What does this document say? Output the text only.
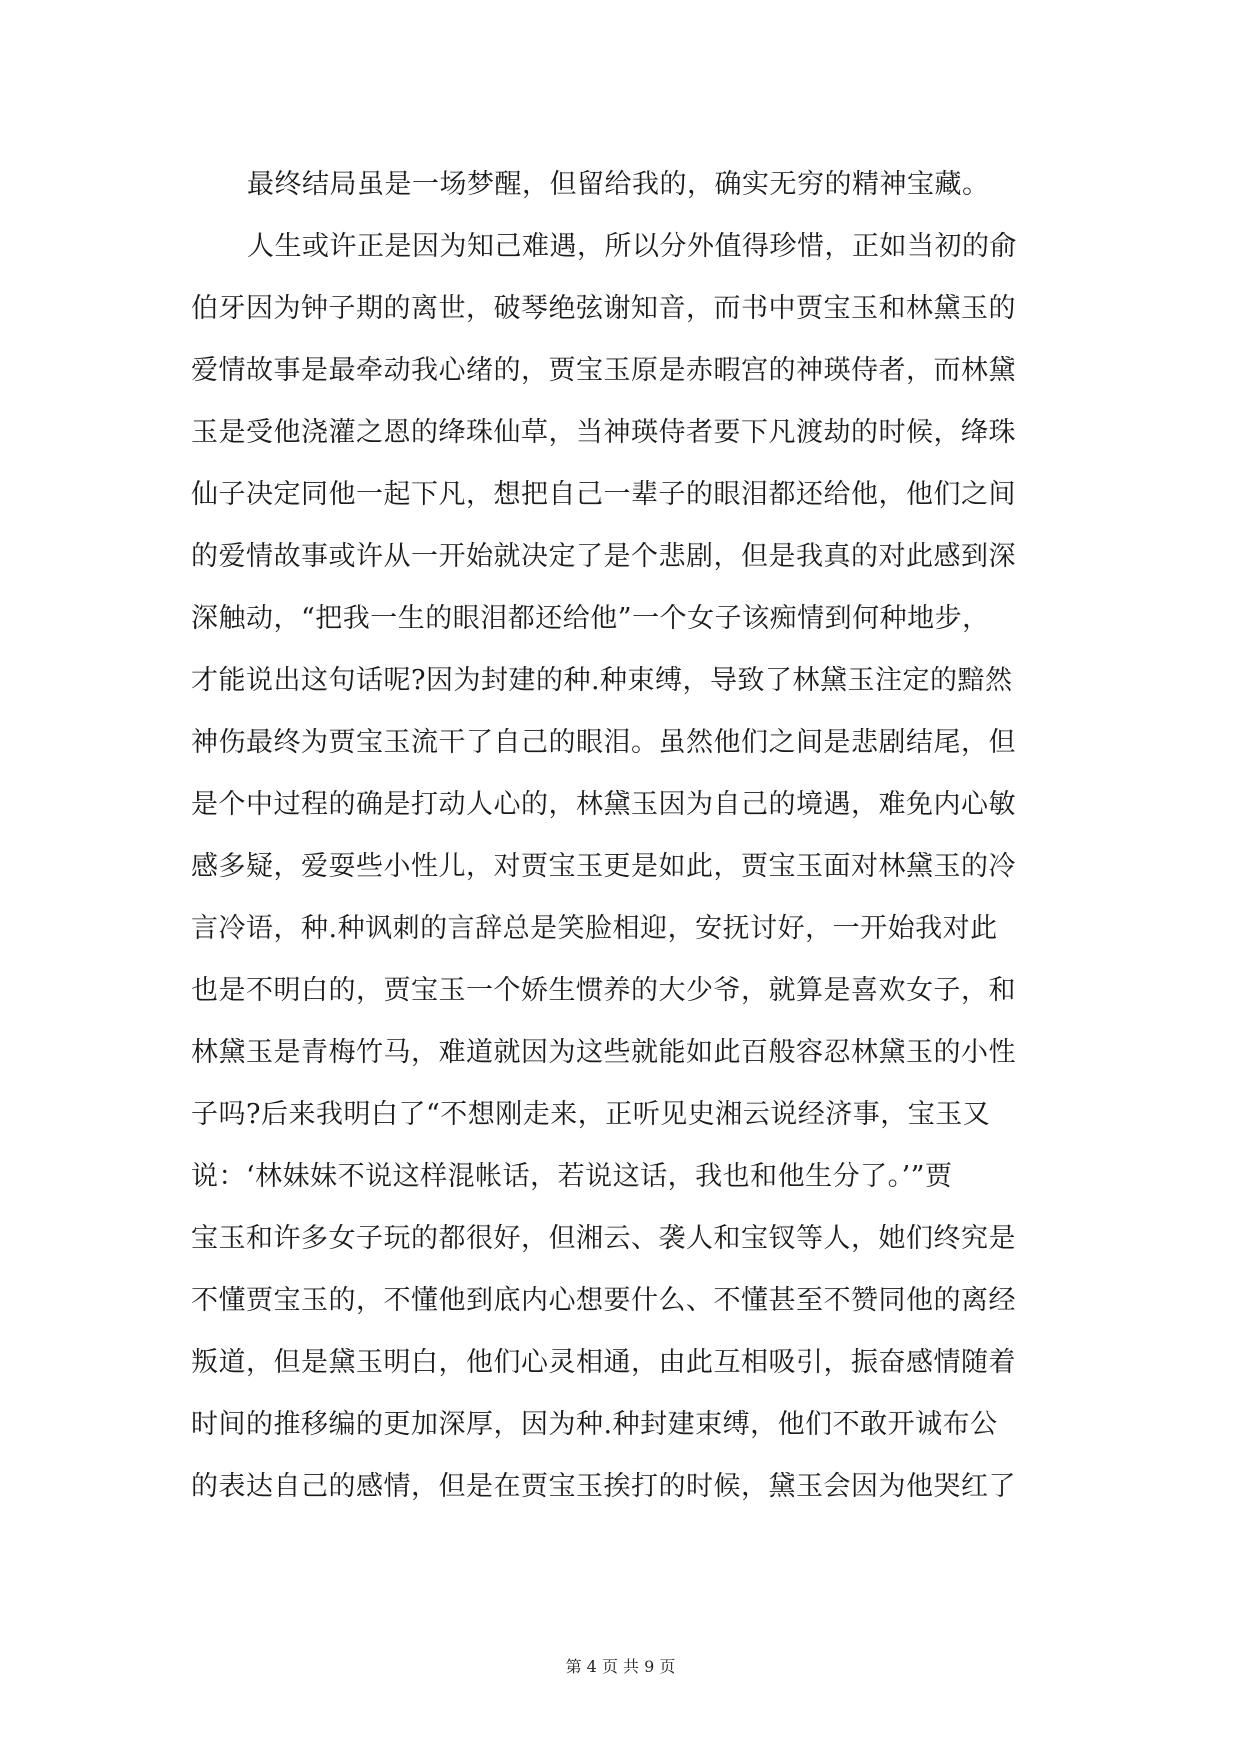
最终结局虽是一场梦醒，但留给我的，确实无穷的精神宝藏。
人生或许正是因为知己难遇，所以分外值得珍惜，正如当初的俞
伯牙因为钟子期的离世，破琴绝弦谢知音，而书中贾宝玉和林黛玉的
爱情故事是最牵动我心绪的，贾宝玉原是赤暇宫的神瑛侍者，而林黛
玉是受他浇灌之恩的绛珠仙草，当神瑛侍者要下凡渡劫的时候，绛珠
仙子决定同他一起下凡，想把自己一辈子的眼泪都还给他，他们之间
的爱情故事或许从一开始就决定了是个悲剧，但是我真的对此感到深
深触动，“把我一生的眼泪都还给他”一个女子该痴情到何种地步，
才能说出这句话呢?因为封建的种.种束缚，导致了林黛玉注定的黯然
神伤最终为贾宝玉流干了自己的眼泪。虽然他们之间是悲剧结尾，但
是个中过程的确是打动人心的，林黛玉因为自己的境遇，难免内心敏
感多疑，爱耍些小性儿，对贾宝玉更是如此，贾宝玉面对林黛玉的冷
言冷语，种.种讽刺的言辞总是笑脸相迎，安抚讨好，一开始我对此
也是不明白的，贾宝玉一个娇生惯养的大少爷，就算是喜欢女子，和
林黛玉是青梅竹马，难道就因为这些就能如此百般容忍林黛玉的小性
子吗?后来我明白了“不想刚走来，正听见史湘云说经济事，宝玉又
说：‘林妹妹不说这样混帐话，若说这话，我也和他生分了。’”贾
宝玉和许多女子玩的都很好，但湘云、袭人和宝钗等人，她们终究是
不懂贾宝玉的，不懂他到底内心想要什么、不懂甚至不赞同他的离经
叛道，但是黛玉明白，他们心灵相通，由此互相吸引，振奋感情随着
时间的推移编的更加深厚，因为种.种封建束缚，他们不敢开诚布公
的表达自己的感情，但是在贾宝玉挨打的时候，黛玉会因为他哭红了
第 4 页 共 9 页
